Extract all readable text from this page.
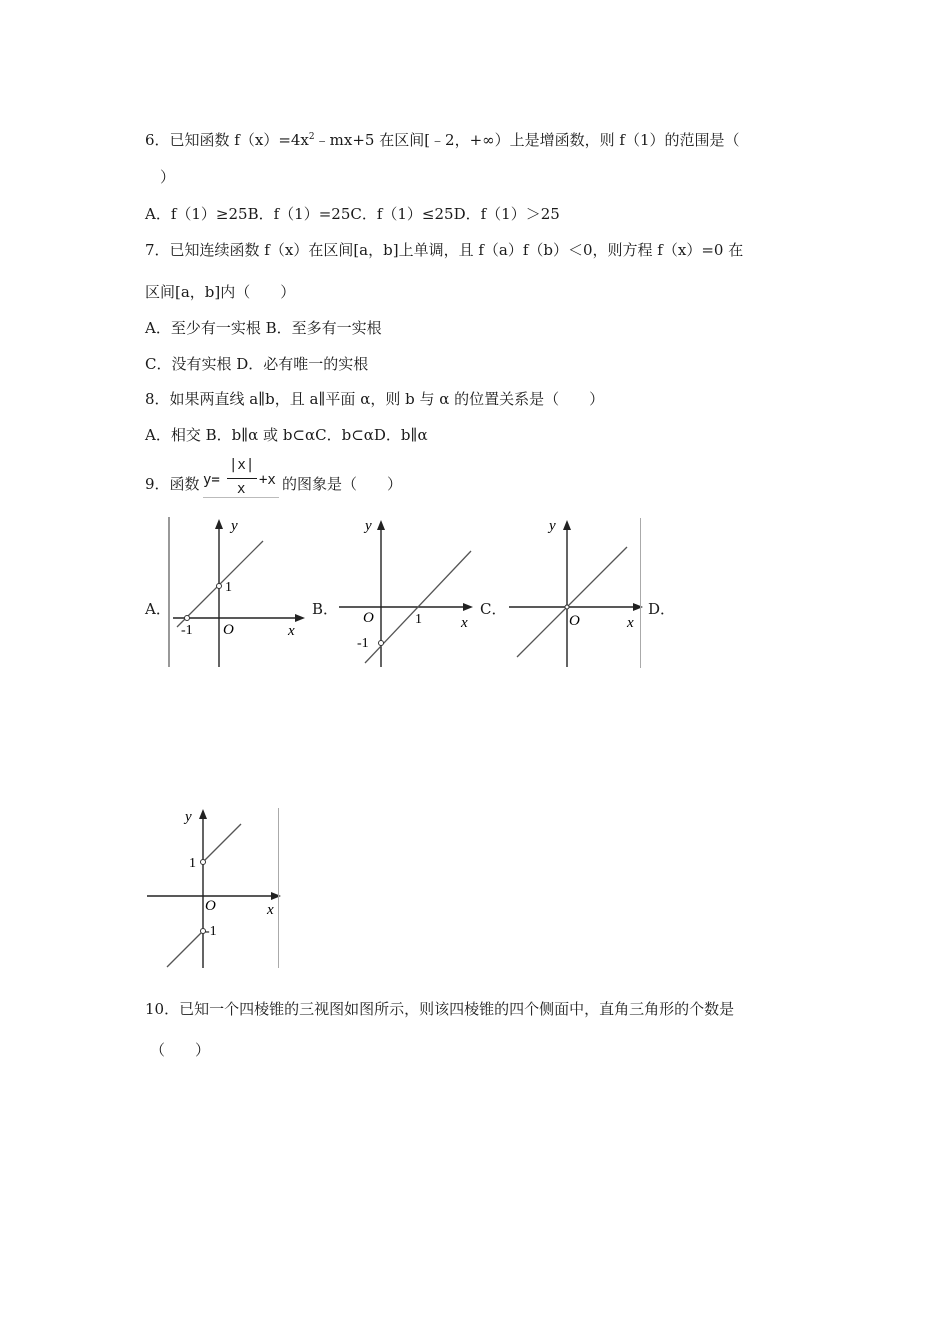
6．已知函数 $f(x)=4x^2﹣mx+5$ 在区间[﹣2，+∞）上是增函数，则 f（1）的范围是（
）
A．f（1）≥25B．f（1）=25C．f（1）≤25D．f（1）＞25
7．已知连续函数 f（x）在区间[a，b]上单调，且 f（a）f（b）＜0，则方程 f（x）=0 在
区间[a，b]内（　　）
A．至少有一实根 B．至多有一实根
C．没有实根 D．必有唯一的实根
8．如果两直线 a∥b，且 a∥平面 α，则 b 与 α 的位置关系是（　　）
A．相交 B．b∥α 或 b⊂αC．b⊂αD．b∥α
9．函数 y=
|x|
x
+x 的图象是（　　）
A．	B．	C．	D．
y
x
O
1
-1
y
x
O	1
-1
y
x
O
y
x
O
1
-1
10．已知一个四棱锥的三视图如图所示，则该四棱锥的四个侧面中，直角三角形的个数是
（　　）
